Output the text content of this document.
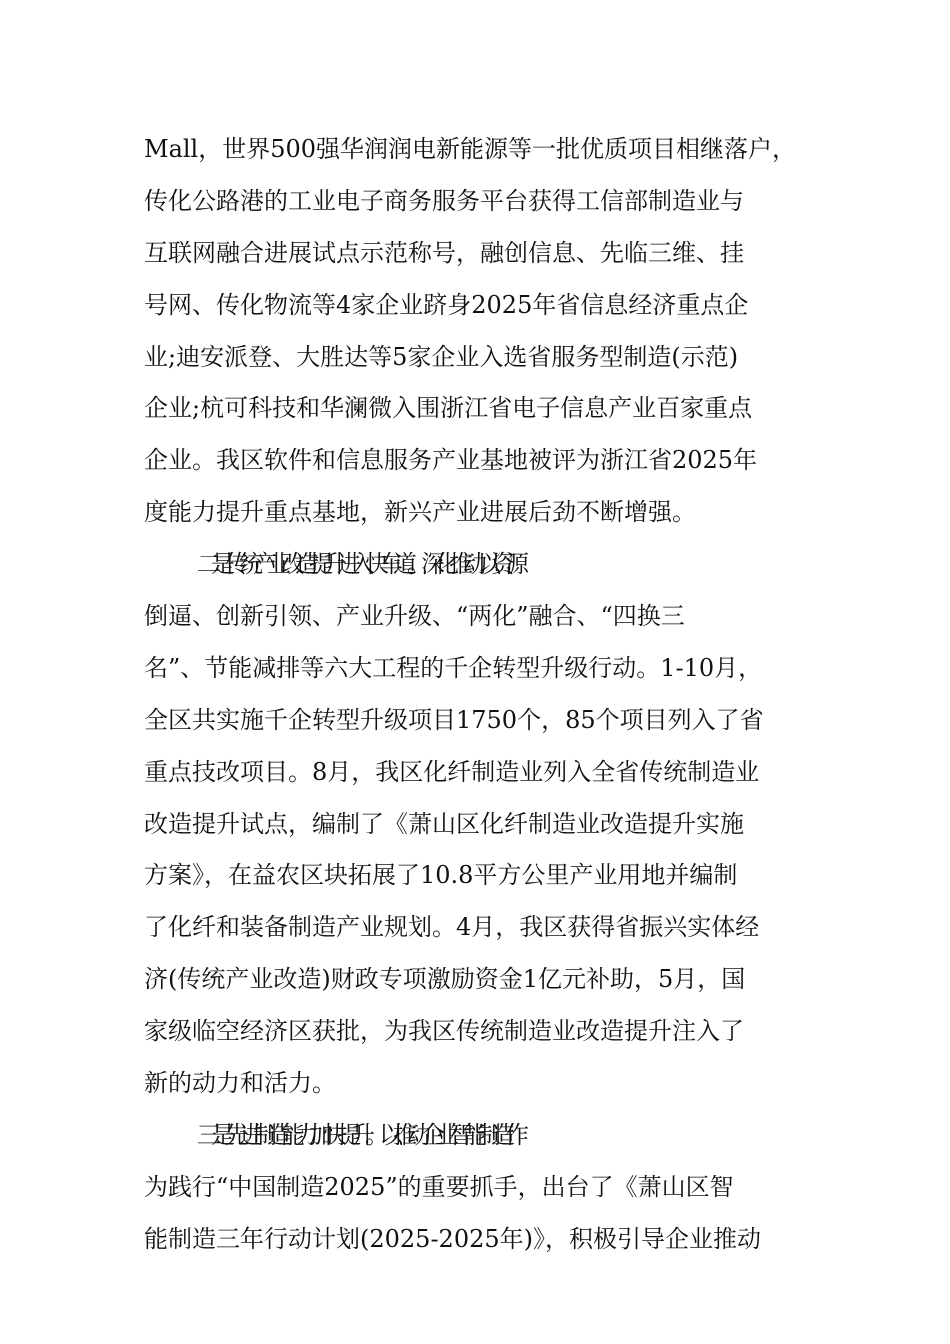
Mall，世界500强华润润电新能源等一批优质项目相继落户，
传化公路港的工业电子商务服务平台获得工信部制造业与
互联网融合进展试点示范称号，融创信息、先临三维、挂
号网、传化物流等4家企业跻身2025年省信息经济重点企
业;迪安派登、大胜达等5家企业入选省服务型制造(示范)
企业;杭可科技和华澜微入围浙江省电子信息产业百家重点
企业。我区软件和信息服务产业基地被评为浙江省2025年
度能力提升重点基地，新兴产业进展后劲不断增强。
二是传统产业改造提升进入快车道。深化推动以资源
倒逼、创新引领、产业升级、“两化”融合、“四换三
名”、节能减排等六大工程的千企转型升级行动。1-10月，
全区共实施千企转型升级项目1750个，85个项目列入了省
重点技改项目。8月，我区化纤制造业列入全省传统制造业
改造提升试点，编制了《萧山区化纤制造业改造提升实施
方案》，在益农区块拓展了10.8平方公里产业用地并编制
了化纤和装备制造产业规划。4月，我区获得省振兴实体经
济(传统产业改造)财政专项激励资金1亿元补助，5月，国
家级临空经济区获批，为我区传统制造业改造提升注入了
新的动力和活力。
三是先进制造能力加快提升。以推动企业智能制造作
为践行“中国制造2025”的重要抓手，出台了《萧山区智
能制造三年行动计划(2025-2025年)》，积极引导企业推动
